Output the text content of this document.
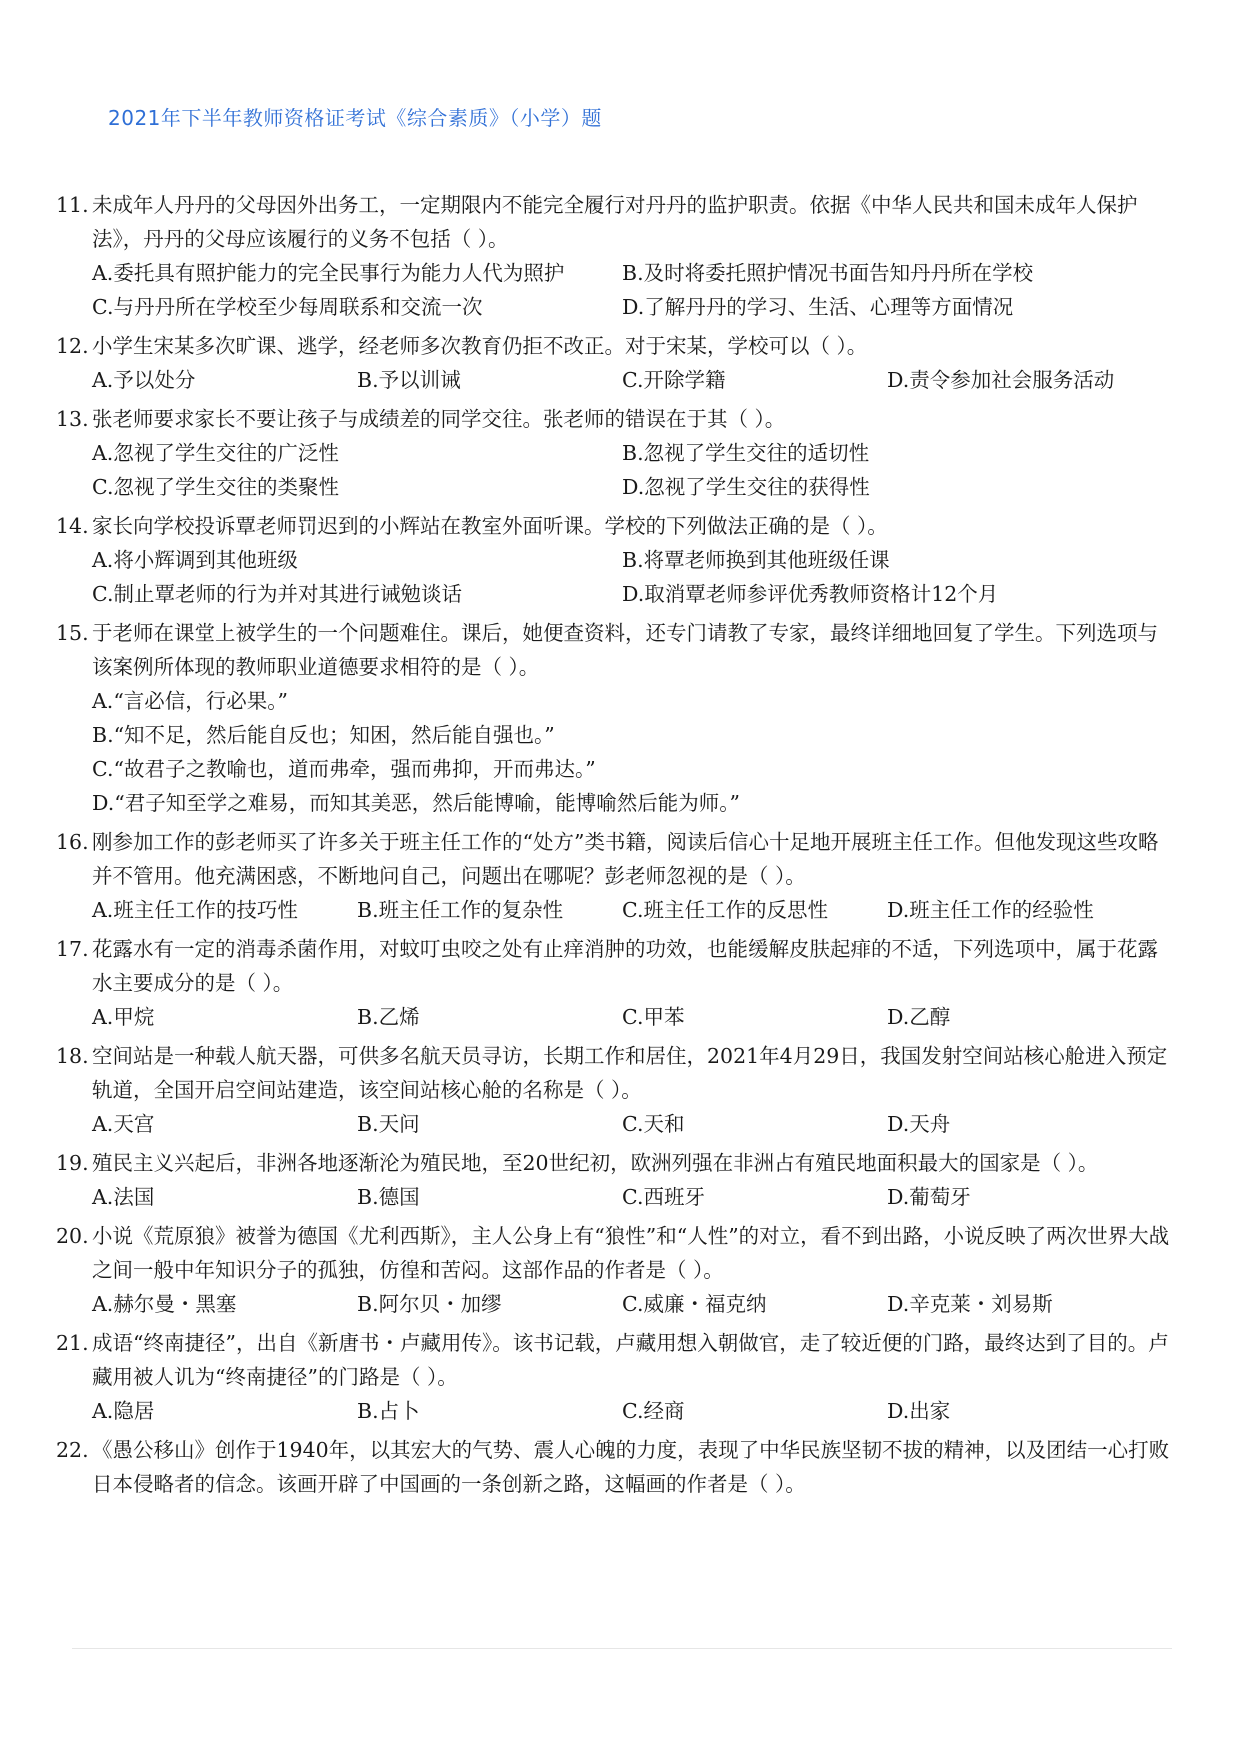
2021年下半年教师资格证考试《综合素质》（小学）题
11. 未成年人丹丹的父母因外出务工，一定期限内不能完全履行对丹丹的监护职责。依据《中华人民共和国未成年人保护法》，丹丹的父母应该履行的义务不包括（ ）。
A.委托具有照护能力的完全民事行为能力人代为照护	B.及时将委托照护情况书面告知丹丹所在学校
C.与丹丹所在学校至少每周联系和交流一次	D.了解丹丹的学习、生活、心理等方面情况
12. 小学生宋某多次旷课、逃学，经老师多次教育仍拒不改正。对于宋某，学校可以（ ）。
A.予以处分	B.予以训诫	C.开除学籍	D.责令参加社会服务活动
13. 张老师要求家长不要让孩子与成绩差的同学交往。张老师的错误在于其（ ）。
A.忽视了学生交往的广泛性	B.忽视了学生交往的适切性
C.忽视了学生交往的类聚性	D.忽视了学生交往的获得性
14. 家长向学校投诉覃老师罚迟到的小辉站在教室外面听课。学校的下列做法正确的是（ ）。
A.将小辉调到其他班级	B.将覃老师换到其他班级任课
C.制止覃老师的行为并对其进行诫勉谈话	D.取消覃老师参评优秀教师资格计12个月
15. 于老师在课堂上被学生的一个问题难住。课后，她便查资料，还专门请教了专家，最终详细地回复了学生。下列选项与该案例所体现的教师职业道德要求相符的是（ ）。
A.“言必信，行必果。”
B.“知不足，然后能自反也；知困，然后能自强也。”
C.“故君子之教喻也，道而弗牵，强而弗抑，开而弗达。”
D.“君子知至学之难易，而知其美恶，然后能博喻，能博喻然后能为师。”
16. 刚参加工作的彭老师买了许多关于班主任工作的“处方”类书籍，阅读后信心十足地开展班主任工作。但他发现这些攻略并不管用。他充满困惑，不断地问自己，问题出在哪呢？彭老师忽视的是（ ）。
A.班主任工作的技巧性	B.班主任工作的复杂性	C.班主任工作的反思性	D.班主任工作的经验性
17. 花露水有一定的消毒杀菌作用，对蚊叮虫咬之处有止痒消肿的功效，也能缓解皮肤起痱的不适，下列选项中，属于花露水主要成分的是（ ）。
A.甲烷	B.乙烯	C.甲苯	D.乙醇
18. 空间站是一种载人航天器，可供多名航天员寻访，长期工作和居住，2021年4月29日，我国发射空间站核心舱进入预定轨道，全国开启空间站建造，该空间站核心舱的名称是（ ）。
A.天宫	B.天问	C.天和	D.天舟
19. 殖民主义兴起后，非洲各地逐渐沦为殖民地，至20世纪初，欧洲列强在非洲占有殖民地面积最大的国家是（ ）。
A.法国	B.德国	C.西班牙	D.葡萄牙
20. 小说《荒原狼》被誉为德国《尤利西斯》，主人公身上有“狼性”和“人性”的对立，看不到出路，小说反映了两次世界大战之间一般中年知识分子的孤独，仿徨和苦闷。这部作品的作者是（ ）。
A.赫尔曼・黑塞	B.阿尔贝・加缪	C.威廉・福克纳	D.辛克莱・刘易斯
21. 成语“终南捷径”，出自《新唐书・卢藏用传》。该书记载，卢藏用想入朝做官，走了较近便的门路，最终达到了目的。卢藏用被人讥为“终南捷径”的门路是（ ）。
A.隐居	B.占卜	C.经商	D.出家
22. 《愚公移山》创作于1940年，以其宏大的气势、震人心魄的力度，表现了中华民族坚韧不拔的精神，以及团结一心打败日本侵略者的信念。该画开辟了中国画的一条创新之路，这幅画的作者是（ ）。
